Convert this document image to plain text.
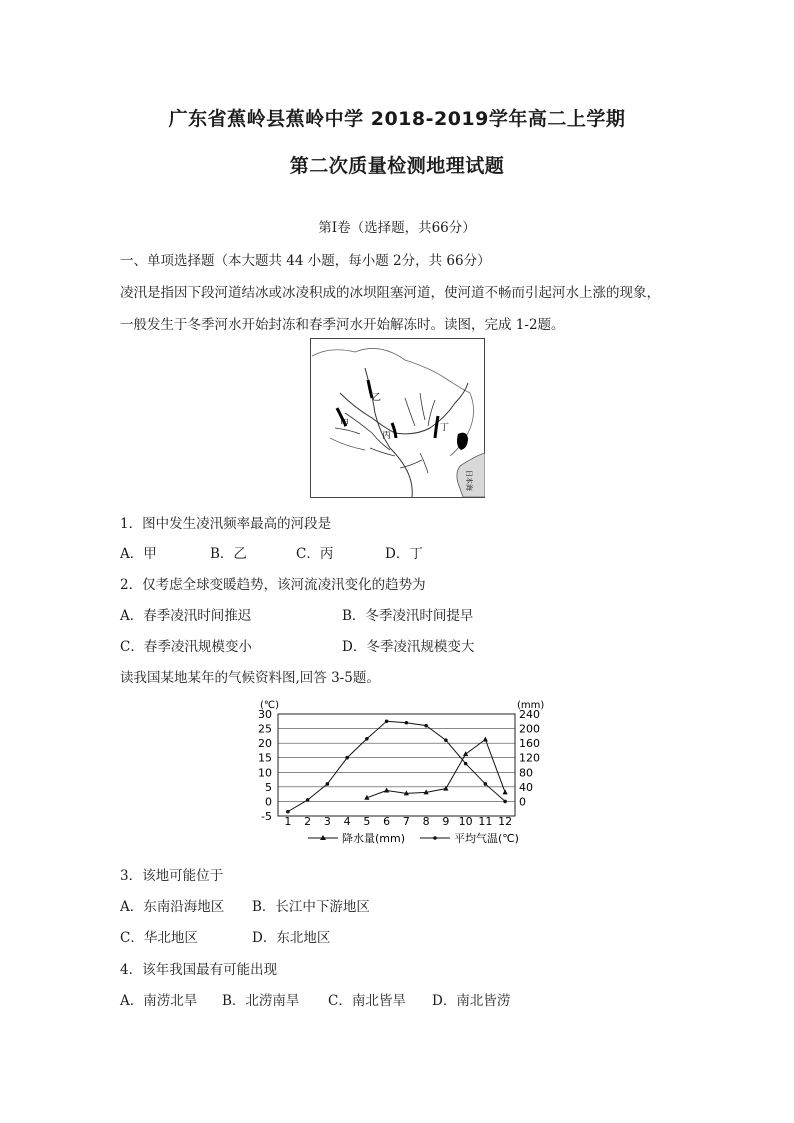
广东省蕉岭县蕉岭中学 2018-2019学年高二上学期
第二次质量检测地理试题
第Ⅰ卷（选择题，共66分）
一、单项选择题（本大题共 44 小题，每小题 2分，共 66分）
凌汛是指因下段河道结冰或冰凌积成的冰坝阻塞河道，使河道不畅而引起河水上涨的现象，
一般发生于冬季河水开始封冻和春季河水开始解冻时。读图，完成 1-2题。
甲
乙
丙
丁
日本海
1．图中发生凌汛频率最高的河段是
A．甲	B．乙	C．丙	D．丁
2．仅考虑全球变暖趋势，该河流凌汛变化的趋势为
A．春季凌汛时间推迟	B．冬季凌汛时间提早
C．春季凌汛规模变小	D．冬季凌汛规模变大
读我国某地某年的气候资料图,回答 3-5题。
30
25
20
15
10
5
0
-5
240
200
160
120
80
40
0
(℃)	(mm)
1 2 3 4 5 6 7 8 9 10 11 12
降水量(mm)	平均气温(℃)
3．该地可能位于
A．东南沿海地区 B．长江中下游地区
C．华北地区	D．东北地区
4．该年我国最有可能出现
A．南涝北旱 B．北涝南旱 C．南北皆旱 D．南北皆涝
